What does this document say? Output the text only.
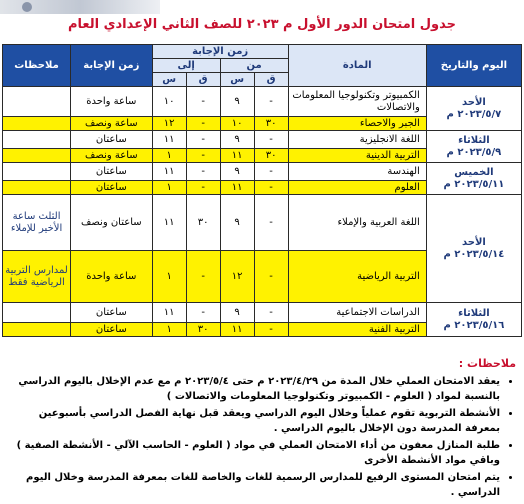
جدول امتحان الدور الأول م ٢٠٢٣ للصف الثاني الإعدادي العام
اليوم والتاريخ	المادة	زمن الإجابة				زمن الإجابة	ملاحظات
		من		إلى			
		ق	س	ق	س		

الأحد
٢٠٢٣/٥/٧ م	الكمبيوتر وتكنولوجيا المعلومات والاتصالات	-	٩	-	١٠	ساعة واحدة	
	الجبر والاحصاء	٣٠	١٠	-	١٢	ساعة ونصف	

الثلاثاء
٢٠٢٣/٥/٩ م	اللغة الانجليزية	-	٩	-	١١	ساعتان	
	التربية الدينية	٣٠	١١	-	١	ساعة ونصف	

الخميس
٢٠٢٣/٥/١١ م	الهندسة	-	٩	-	١١	ساعتان	
	العلوم	-	١١	-	١	ساعتان	

الأحد
٢٠٢٣/٥/١٤ م	اللغة العربية والإملاء	-	٩	٣٠	١١	ساعتان ونصف	الثلث ساعة الأخير للإملاء
	التربية الرياضية	-	١٢	-	١	ساعة واحدة	لمدارس التربية الرياضية فقط

الثلاثاء
٢٠٢٣/٥/١٦ م	الدراسات الاجتماعية	-	٩	-	١١	ساعتان	
	التربية الفنية	-	١١	٣٠	١	ساعتان	
ملاحظات :
• يعقد الامتحان العملي خلال المدة من ٢٠٢٣/٤/٢٩ م حتى ٢٠٢٣/٥/٤ م مع عدم الإخلال باليوم الدراسي بالنسبة لمواد ( العلوم - الكمبيوتر وتكنولوجيا المعلومات والاتصالات )
• الأنشطة التربوية تقوم عملياً وخلال اليوم الدراسي ويعقد قبل نهاية الفصل الدراسي بأسبوعين بمعرفة المدرسة دون الإخلال باليوم الدراسي .
• طلبة المنازل معفون من أداء الامتحان العملي في مواد ( العلوم - الحاسب الآلي - الأنشطة الصفية ) وباقي مواد الأنشطة الأخرى
• يتم امتحان المستوى الرفيع للمدارس الرسمية للغات والخاصة للغات بمعرفة المدرسة وخلال اليوم الدراسي .
